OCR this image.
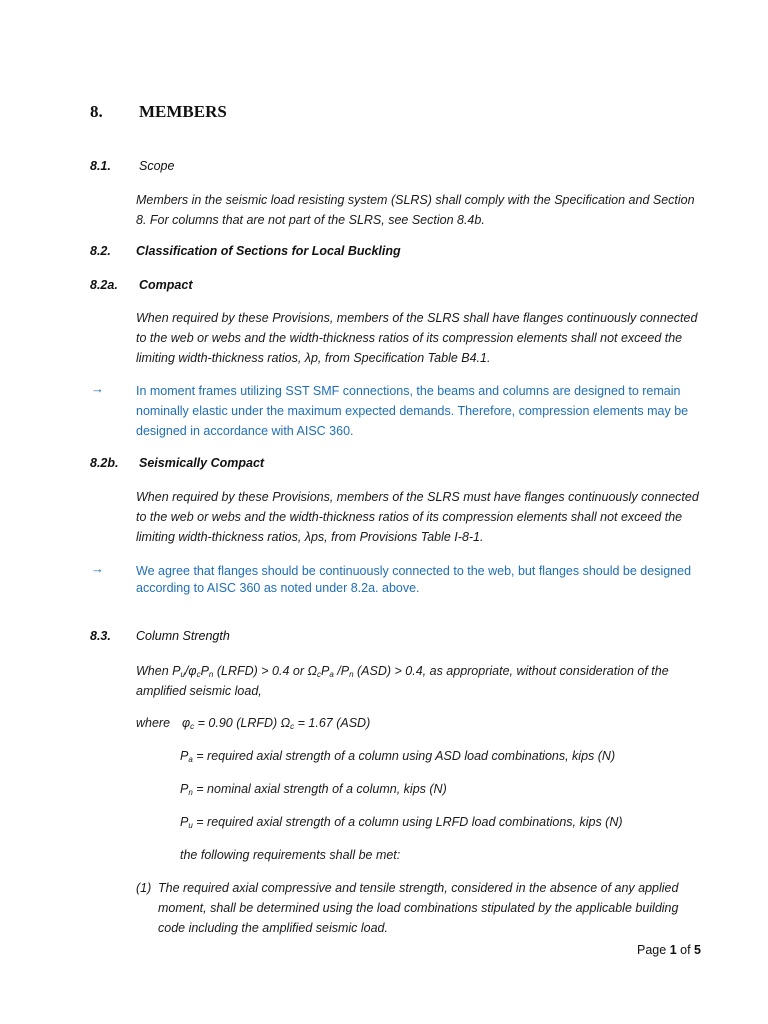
8. MEMBERS
8.1. Scope
Members in the seismic load resisting system (SLRS) shall comply with the Specification and Section
8. For columns that are not part of the SLRS, see Section 8.4b.
8.2. Classification of Sections for Local Buckling
8.2a. Compact
When required by these Provisions, members of the SLRS shall have flanges continuously connected
to the web or webs and the width-thickness ratios of its compression elements shall not exceed the
limiting width-thickness ratios, λp, from Specification Table B4.1.
→	In moment frames utilizing SST SMF connections, the beams and columns are designed to remain
nominally elastic under the maximum expected demands. Therefore, compression elements may be
designed in accordance with AISC 360.
8.2b. Seismically Compact
When required by these Provisions, members of the SLRS must have flanges continuously connected
to the web or webs and the width-thickness ratios of its compression elements shall not exceed the
limiting width-thickness ratios, λps, from Provisions Table I-8-1.
→	We agree that flanges should be continuously connected to the web, but flanges should be designed
according to AISC 360 as noted under 8.2a. above.
8.3. Column Strength
When $P_u/\varphi_cP_n$ (LRFD) > 0.4 or $\Omega_cP_a$ $/P_n$ (ASD) > 0.4, as appropriate, without consideration of the
amplified seismic load,
where $\varphi_c = 0.90$ (LRFD) $\Omega_c = 1.67$ (ASD)
$P_a$ = required axial strength of a column using ASD load combinations, kips (N)
$P_n$ = nominal axial strength of a column, kips (N)
$P_u$ = required axial strength of a column using LRFD load combinations, kips (N)
the following requirements shall be met:
(1) The required axial compressive and tensile strength, considered in the absence of any applied
moment, shall be determined using the load combinations stipulated by the applicable building
code including the amplified seismic load.
Page 1 of 5
